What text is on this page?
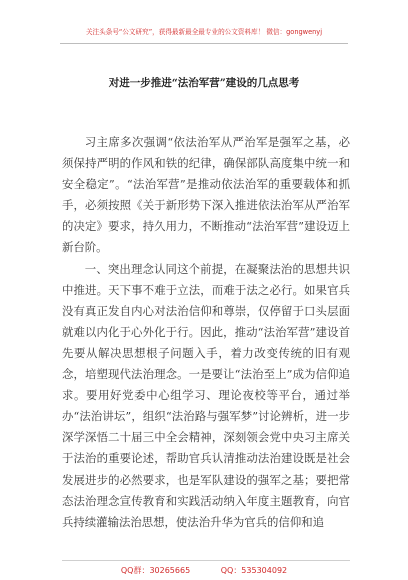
关注头条号“公文研究”，获得最新最全最专业的公文资料库！ 微信：gongwenyj
对进一步推进“法治军营”建设的几点思考

习主席多次强调“依法治军从严治军是强军之基，必须保持严明的作风和铁的纪律，确保部队高度集中统一和安全稳定”。“法治军营”是推动依法治军的重要载体和抓手，必须按照《关于新形势下深入推进依法治军从严治军的决定》要求，持久用力，不断推动“法治军营”建设迈上新台阶。

一、突出理念认同这个前提，在凝聚法治的思想共识中推进。天下事不难于立法，而难于法之必行。如果官兵没有真正发自内心对法治信仰和尊崇，仅停留于口头层面就难以内化于心外化于行。因此，推动“法治军营”建设首先要从解决思想根子问题入手，着力改变传统的旧有观念，培塑现代法治理念。一是要让“法治至上”成为信仰追求。要用好党委中心组学习、理论夜校等平台，通过举办“法治讲坛”，组织“法治路与强军梦”讨论辨析，进一步深学深悟二十届三中全会精神，深刻领会党中央习主席关于法治的重要论述，帮助官兵认清推动法治建设既是社会发展进步的必然要求，也是军队建设的强军之基；要把常态法治理念宣传教育和实践活动纳入年度主题教育，向官兵持续灌输法治思想，使法治升华为官兵的信仰和追

QQ群：30265665	QQ：535304092
